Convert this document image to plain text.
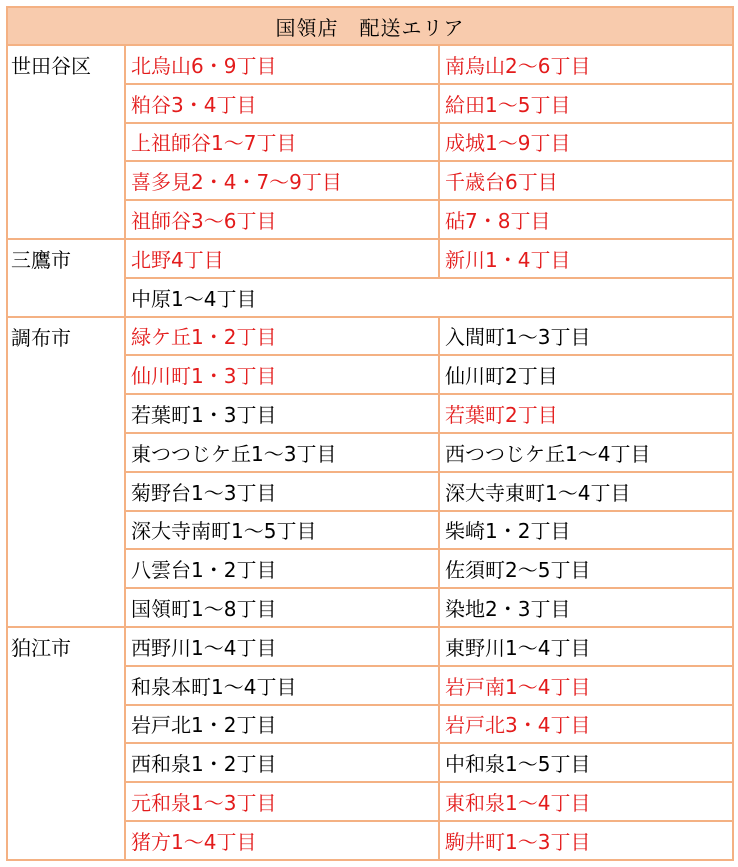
国領店　配送エリア		
世田谷区	北烏山6・9丁目	南烏山2～6丁目
	粕谷3・4丁目	給田1～5丁目
	上祖師谷1～7丁目	成城1～9丁目
	喜多見2・4・7～9丁目	千歳台6丁目
	祖師谷3～6丁目	砧7・8丁目
三鷹市	北野4丁目	新川1・4丁目
	中原1～4丁目	
調布市	緑ケ丘1・2丁目	入間町1～3丁目
	仙川町1・3丁目	仙川町2丁目
	若葉町1・3丁目	若葉町2丁目
	東つつじケ丘1～3丁目	西つつじケ丘1～4丁目
	菊野台1～3丁目	深大寺東町1～4丁目
	深大寺南町1～5丁目	柴崎1・2丁目
	八雲台1・2丁目	佐須町2～5丁目
	国領町1～8丁目	染地2・3丁目
狛江市	西野川1～4丁目	東野川1～4丁目
	和泉本町1～4丁目	岩戸南1～4丁目
	岩戸北1・2丁目	岩戸北3・4丁目
	西和泉1・2丁目	中和泉1～5丁目
	元和泉1～3丁目	東和泉1～4丁目
	猪方1～4丁目	駒井町1～3丁目
